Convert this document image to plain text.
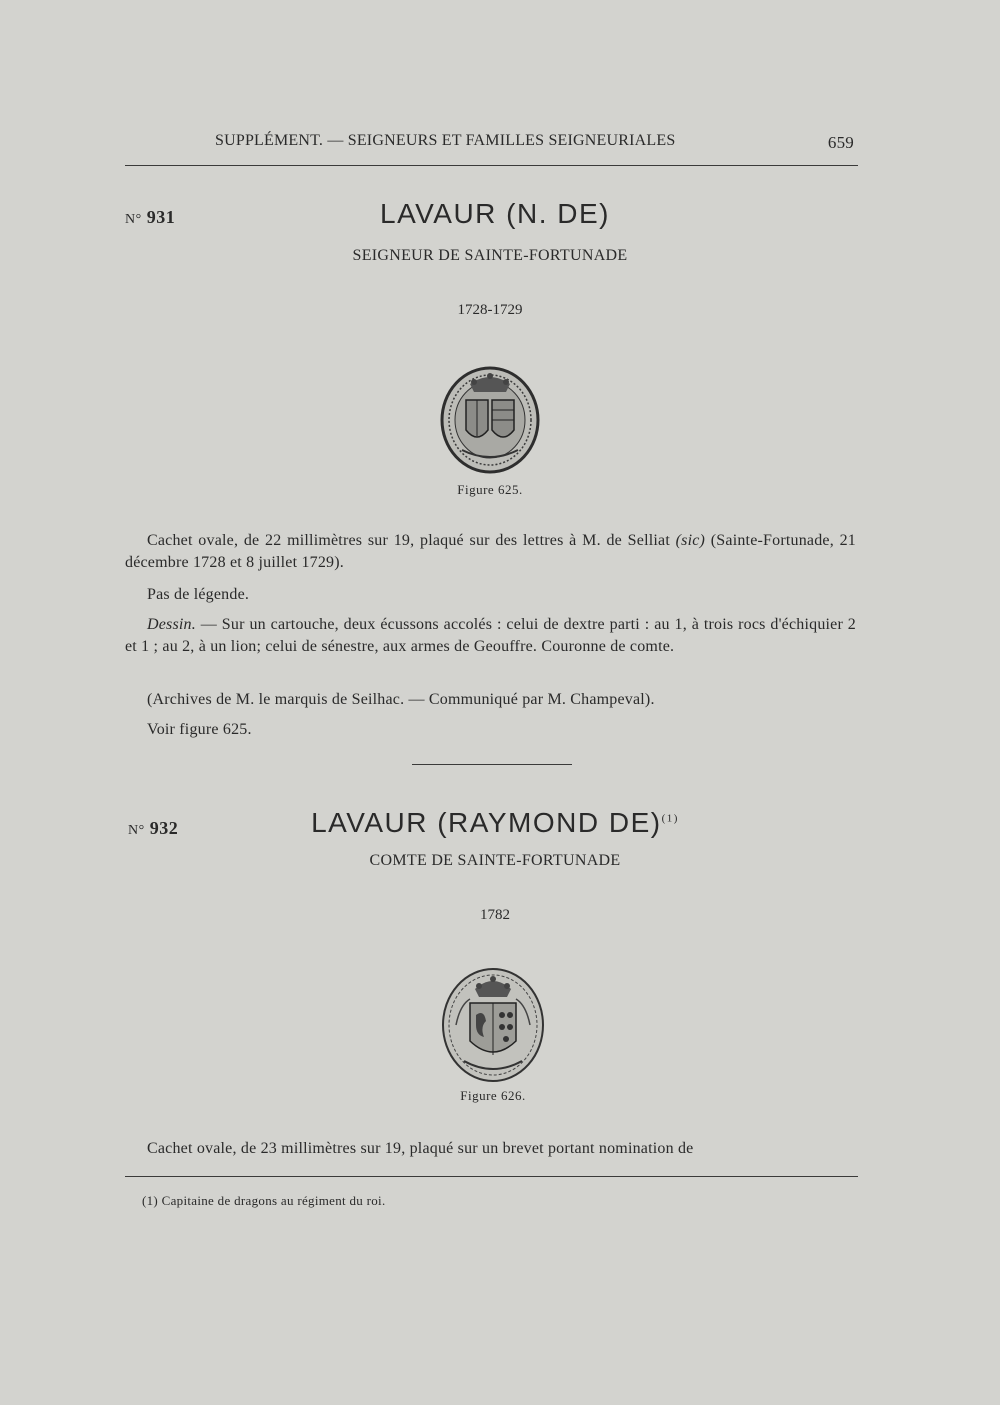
SUPPLÉMENT. — SEIGNEURS ET FAMILLES SEIGNEURIALES	659
N° 931	LAVAUR (N. DE)
SEIGNEUR DE SAINTE-FORTUNADE
1728-1729
Figure 625.
Cachet ovale, de 22 millimètres sur 19, plaqué sur des lettres à M. de Selliat (sic) (Sainte-Fortunade, 21 décembre 1728 et 8 juillet 1729).
Pas de légende.
Dessin. — Sur un cartouche, deux écussons accolés : celui de dextre parti : au 1, à trois rocs d'échiquier 2 et 1 ; au 2, à un lion; celui de sénestre, aux armes de Geouffre. Couronne de comte.
(Archives de M. le marquis de Seilhac. — Communiqué par M. Champeval).
Voir figure 625.
N° 932	LAVAUR (RAYMOND DE)$^{(1)}$
COMTE DE SAINTE-FORTUNADE
1782
Figure 626.
Cachet ovale, de 23 millimètres sur 19, plaqué sur un brevet portant nomination de
(1) Capitaine de dragons au régiment du roi.
